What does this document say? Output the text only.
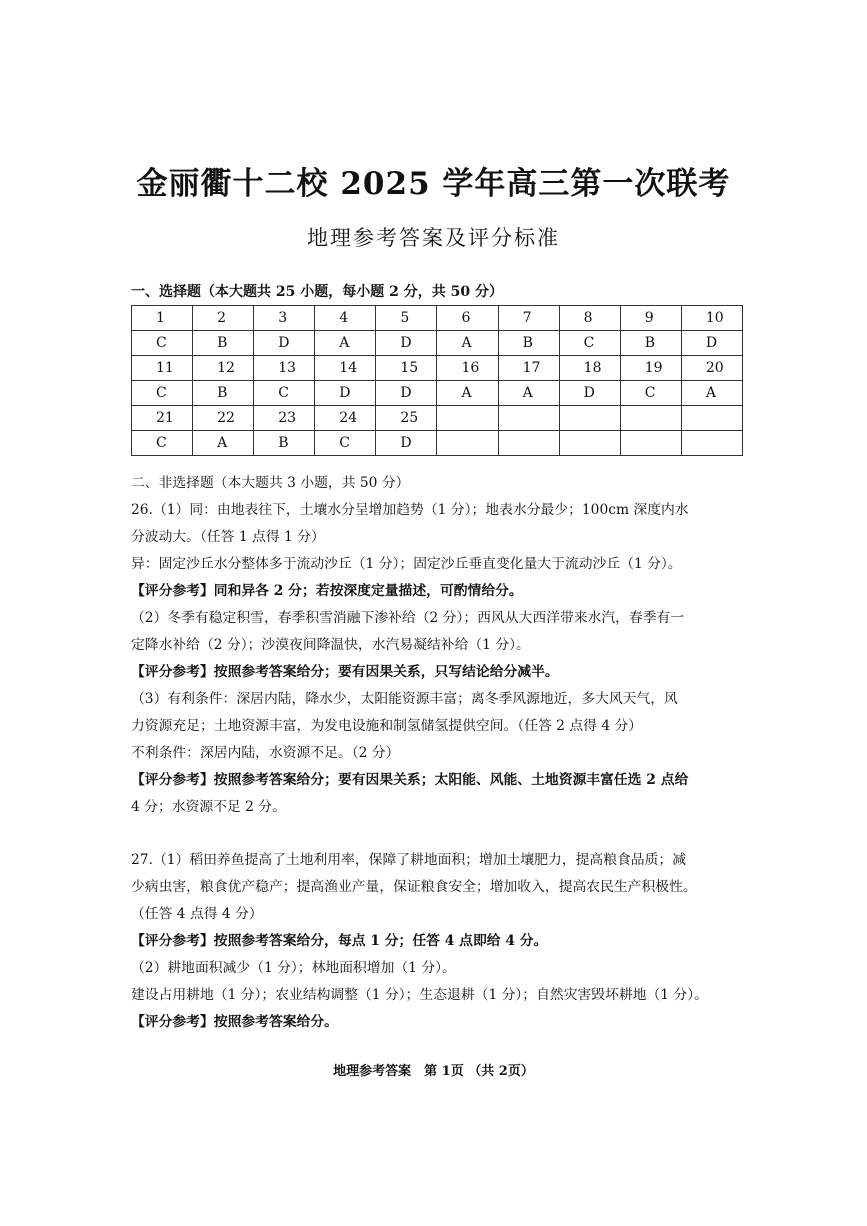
金丽衢十二校 2025 学年高三第一次联考
地理参考答案及评分标准
一、选择题（本大题共 25 小题，每小题 2 分，共 50 分）
1	2	3	4	5	6	7	8	9	10
C	B	D	A	D	A	B	C	B	D
11	12	13	14	15	16	17	18	19	20
C	B	C	D	D	A	A	D	C	A
21	22	23	24	25					
C	A	B	C	D					

二、非选择题（本大题共 3 小题，共 50 分）

26.（1）同：由地表往下，土壤水分呈增加趋势（1 分）；地表水分最少；100cm 深度内水

分波动大。（任答 1 点得 1 分）

异：固定沙丘水分整体多于流动沙丘（1 分）；固定沙丘垂直变化量大于流动沙丘（1 分）。

【评分参考】同和异各 2 分；若按深度定量描述，可酌情给分。

（2）冬季有稳定积雪，春季积雪消融下渗补给（2 分）；西风从大西洋带来水汽，春季有一

定降水补给（2 分）；沙漠夜间降温快，水汽易凝结补给（1 分）。

【评分参考】按照参考答案给分；要有因果关系，只写结论给分减半。

（3）有利条件：深居内陆，降水少，太阳能资源丰富；离冬季风源地近，多大风天气，风

力资源充足；土地资源丰富，为发电设施和制氢储氢提供空间。（任答 2 点得 4 分）

不利条件：深居内陆，水资源不足。（2 分）

【评分参考】按照参考答案给分；要有因果关系；太阳能、风能、土地资源丰富任选 2 点给

4 分；水资源不足 2 分。

27.（1）稻田养鱼提高了土地利用率，保障了耕地面积；增加土壤肥力，提高粮食品质；减

少病虫害，粮食优产稳产；提高渔业产量，保证粮食安全；增加收入，提高农民生产积极性。

（任答 4 点得 4 分）

【评分参考】按照参考答案给分，每点 1 分；任答 4 点即给 4 分。

（2）耕地面积减少（1 分）；林地面积增加（1 分）。

建设占用耕地（1 分）；农业结构调整（1 分）；生态退耕（1 分）；自然灾害毁坏耕地（1 分）。

【评分参考】按照参考答案给分。

地理参考答案　第 1页 （共 2页）
